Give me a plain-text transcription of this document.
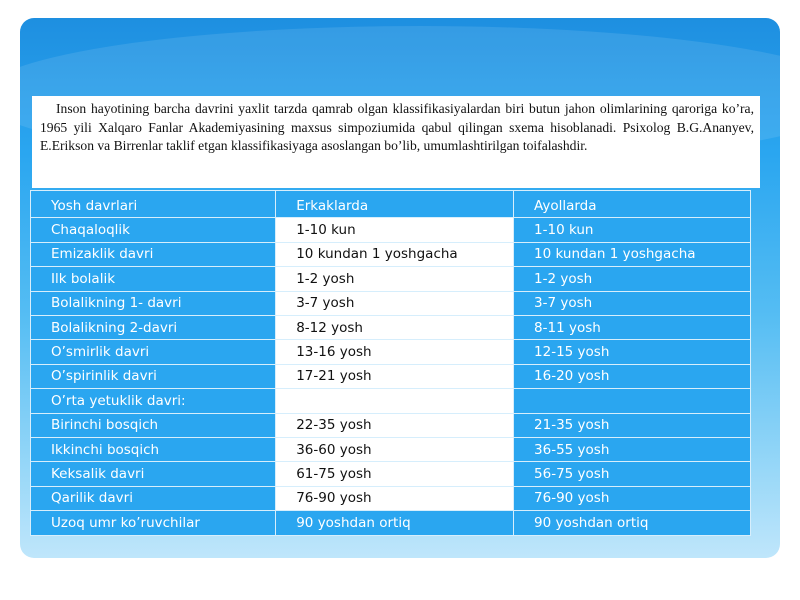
Inson hayotining barcha davrini yaxlit tarzda qamrab olgan klassifikasiyalardan biri butun jahon olimlarining qaroriga ko’ra, 1965 yili Xalqaro Fanlar Akademiyasining maxsus simpoziumida qabul qilingan sxema hisoblanadi. Psixolog B.G.Ananyev, E.Erikson va Birrenlar taklif etgan klassifikasiyaga asoslangan bo’lib, umumlashtirilgan toifalashdir.
Yosh davrlari	Erkaklarda	Ayollarda
Chaqaloqlik	1-10 kun	1-10 kun
Emizaklik davri	10 kundan 1 yoshgacha	10 kundan 1 yoshgacha
Ilk bolalik	1-2 yosh	1-2 yosh
Bolalikning 1- davri	3-7 yosh	3-7 yosh
Bolalikning 2-davri	8-12 yosh	8-11 yosh
O’smirlik davri	13-16 yosh	12-15 yosh
O’spirinlik davri	17-21 yosh	16-20 yosh
O’rta yetuklik davri:		
Birinchi bosqich	22-35 yosh	21-35 yosh
Ikkinchi bosqich	36-60 yosh	36-55 yosh
Keksalik davri	61-75 yosh	56-75 yosh
Qarilik davri	76-90 yosh	76-90 yosh
Uzoq umr ko’ruvchilar	90 yoshdan ortiq	90 yoshdan ortiq
